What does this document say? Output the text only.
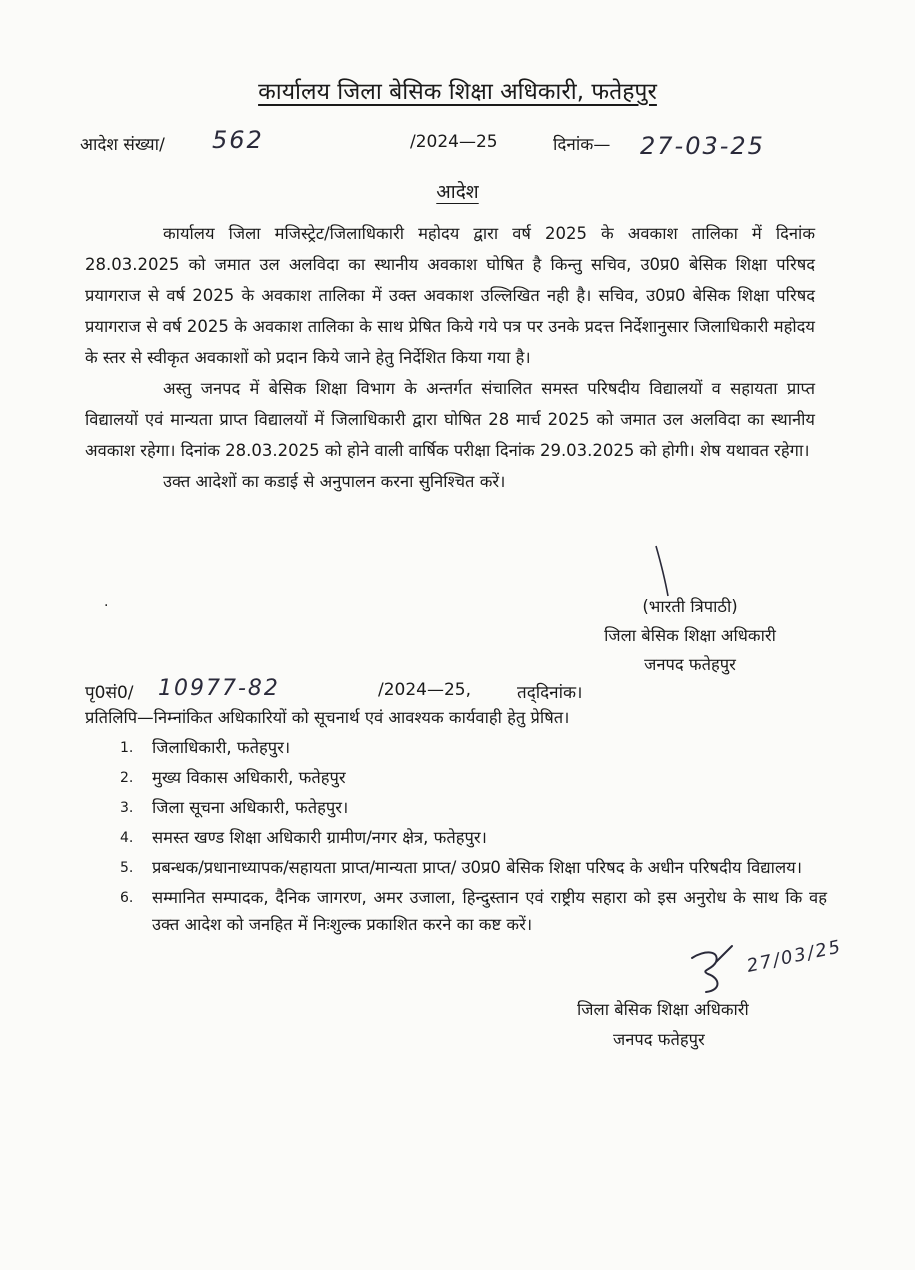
कार्यालय जिला बेसिक शिक्षा अधिकारी, फतेहपुर
आदेश संख्या/ 562	/2024—25	दिनांक— 27-03-25
आदेश

कार्यालय जिला मजिस्ट्रेट/जिलाधिकारी महोदय द्वारा वर्ष 2025 के अवकाश तालिका में दिनांक 28.03.2025 को जमात उल अलविदा का स्थानीय अवकाश घोषित है किन्तु सचिव, उ0प्र0 बेसिक शिक्षा परिषद प्रयागराज से वर्ष 2025 के अवकाश तालिका में उक्त अवकाश उल्लिखित नही है। सचिव, उ0प्र0 बेसिक शिक्षा परिषद प्रयागराज से वर्ष 2025 के अवकाश तालिका के साथ प्रेषित किये गये पत्र पर उनके प्रदत्त निर्देशानुसार जिलाधिकारी महोदय के स्तर से स्वीकृत अवकाशों को प्रदान किये जाने हेतु निर्देशित किया गया है।

अस्तु जनपद में बेसिक शिक्षा विभाग के अन्तर्गत संचालित समस्त परिषदीय विद्यालयों व सहायता प्राप्त विद्यालयों एवं मान्यता प्राप्त विद्यालयों में जिलाधिकारी द्वारा घोषित 28 मार्च 2025 को जमात उल अलविदा का स्थानीय अवकाश रहेगा। दिनांक 28.03.2025 को होने वाली वार्षिक परीक्षा दिनांक 29.03.2025 को होगी। शेष यथावत रहेगा।

उक्त आदेशों का कडाई से अनुपालन करना सुनिश्चित करें।

·	(भारती त्रिपाठी)
जिला बेसिक शिक्षा अधिकारी
जनपद फतेहपुर
पृ0सं0/ 10977-82	/2024—25,	तद्‌दिनांक।
प्रतिलिपि—निम्नांकित अधिकारियों को सूचनार्थ एवं आवश्यक कार्यवाही हेतु प्रेषित।
1. जिलाधिकारी, फतेहपुर।
2. मुख्य विकास अधिकारी, फतेहपुर
3. जिला सूचना अधिकारी, फतेहपुर।
4. समस्त खण्ड शिक्षा अधिकारी ग्रामीण/नगर क्षेत्र, फतेहपुर।
5. प्रबन्धक/प्रधानाध्यापक/सहायता प्राप्त/मान्यता प्राप्त/ उ0प्र0 बेसिक शिक्षा परिषद के अधीन परिषदीय विद्यालय।
6. सम्मानित सम्पादक, दैनिक जागरण, अमर उजाला, हिन्दुस्तान एवं राष्ट्रीय सहारा को इस अनुरोध के साथ कि वह उक्त आदेश को जनहित में निःशुल्क प्रकाशित करने का कष्ट करें।
27/03/25
जिला बेसिक शिक्षा अधिकारी
जनपद फतेहपुर
